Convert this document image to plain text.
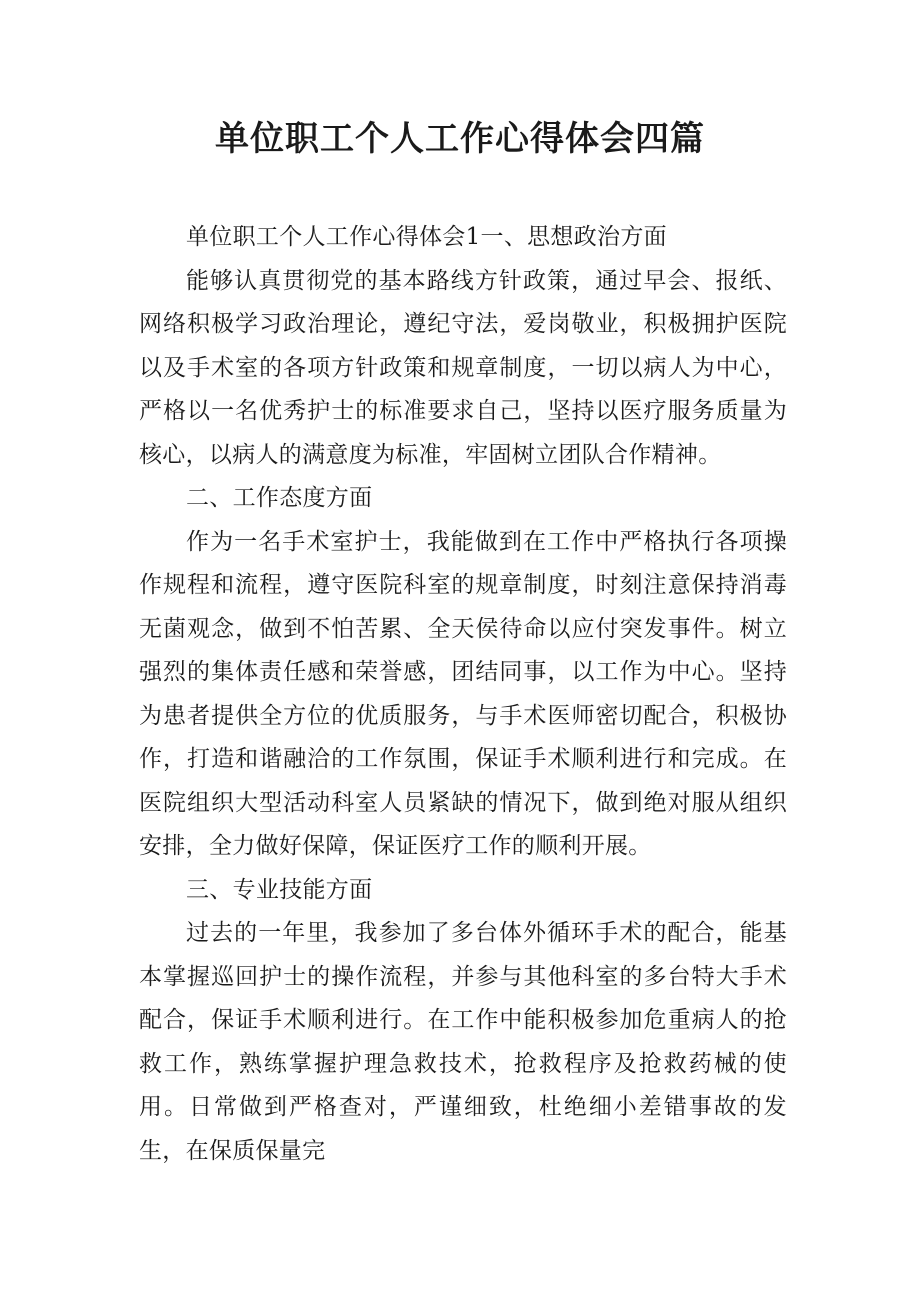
单位职工个人工作心得体会四篇

单位职工个人工作心得体会1一、思想政治方面

能够认真贯彻党的基本路线方针政策，通过早会、报纸、网络积极学习政治理论，遵纪守法，爱岗敬业，积极拥护医院以及手术室的各项方针政策和规章制度，一切以病人为中心，严格以一名优秀护士的标准要求自己，坚持以医疗服务质量为核心，以病人的满意度为标准，牢固树立团队合作精神。

二、工作态度方面

作为一名手术室护士，我能做到在工作中严格执行各项操作规程和流程，遵守医院科室的规章制度，时刻注意保持消毒无菌观念，做到不怕苦累、全天侯待命以应付突发事件。树立强烈的集体责任感和荣誉感，团结同事，以工作为中心。坚持为患者提供全方位的优质服务，与手术医师密切配合，积极协作，打造和谐融洽的工作氛围，保证手术顺利进行和完成。在医院组织大型活动科室人员紧缺的情况下，做到绝对服从组织安排，全力做好保障，保证医疗工作的顺利开展。

三、专业技能方面

过去的一年里，我参加了多台体外循环手术的配合，能基本掌握巡回护士的操作流程，并参与其他科室的多台特大手术配合，保证手术顺利进行。在工作中能积极参加危重病人的抢救工作，熟练掌握护理急救技术，抢救程序及抢救药械的使用。日常做到严格查对，严谨细致，杜绝细小差错事故的发生，在保质保量完
